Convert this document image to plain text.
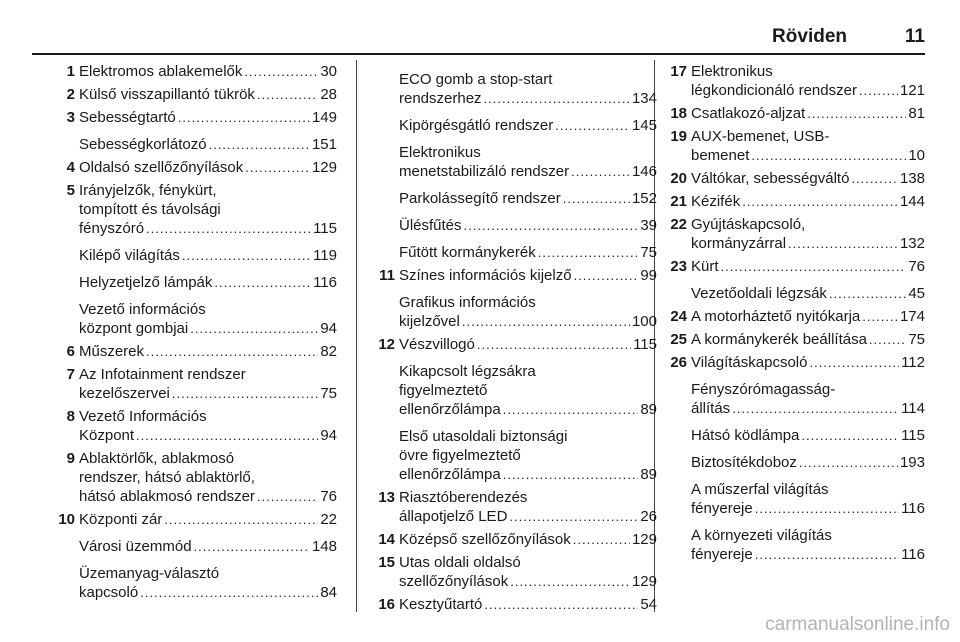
Röviden	11
1 Elektromos ablakemelők .....	30
2 Külső visszapillantó tükrök .....	28
3 Sebességtartó .....	149
Sebességkorlátozó .....	151
4 Oldalsó szellőzőnyílások .....	129
5 Irányjelzők, fénykürt,
tompított és távolsági
fényszóró .....	115
Kilépő világítás .....	119
Helyzetjelző lámpák .....	116
Vezető információs
központ gombjai .....	94
6 Műszerek .....	82
7 Az Infotainment rendszer
kezelőszervei .....	75
8 Vezető Információs
Központ .....	94
9 Ablaktörlők, ablakmosó
rendszer, hátsó ablaktörlő,
hátsó ablakmosó rendszer .....	76
10 Központi zár .....	22
Városi üzemmód .....	148
Üzemanyag-választó
kapcsoló .....	84
ECO gomb a stop-start
rendszerhez .....	134
Kipörgésgátló rendszer .....	145
Elektronikus
menetstabilizáló rendszer .....	146
Parkolássegítő rendszer .....	152
Ülésfűtés .....	39
Fűtött kormánykerék .....	75
11 Színes információs kijelző .....	99
Grafikus információs
kijelzővel .....	100
12 Vészvillogó .....	115
Kikapcsolt légzsákra
figyelmeztető
ellenőrzőlámpa .....	89
Első utasoldali biztonsági
övre figyelmeztető
ellenőrzőlámpa .....	89
13 Riasztóberendezés
állapotjelző LED .....	26
14 Középső szellőzőnyílások .....	129
15 Utas oldali oldalsó
szellőzőnyílások .....	129
16 Kesztyűtartó .....	54
17 Elektronikus
légkondicionáló rendszer .....	121
18 Csatlakozó-aljzat .....	81
19 AUX-bemenet, USB-
bemenet .....	10
20 Váltókar, sebességváltó .....	138
21 Kézifék .....	144
22 Gyújtáskapcsoló,
kormányzárral .....	132
23 Kürt .....	76
Vezetőoldali légzsák .....	45
24 A motorháztető nyitókarja .....	174
25 A kormánykerék beállítása .....	75
26 Világításkapcsoló .....	112
Fényszórómagasság-
állítás .....	114
Hátsó ködlámpa .....	115
Biztosítékdoboz .....	193
A műszerfal világítás
fényereje .....	116
A környezeti világítás
fényereje .....	116
carmanualsonline.info
